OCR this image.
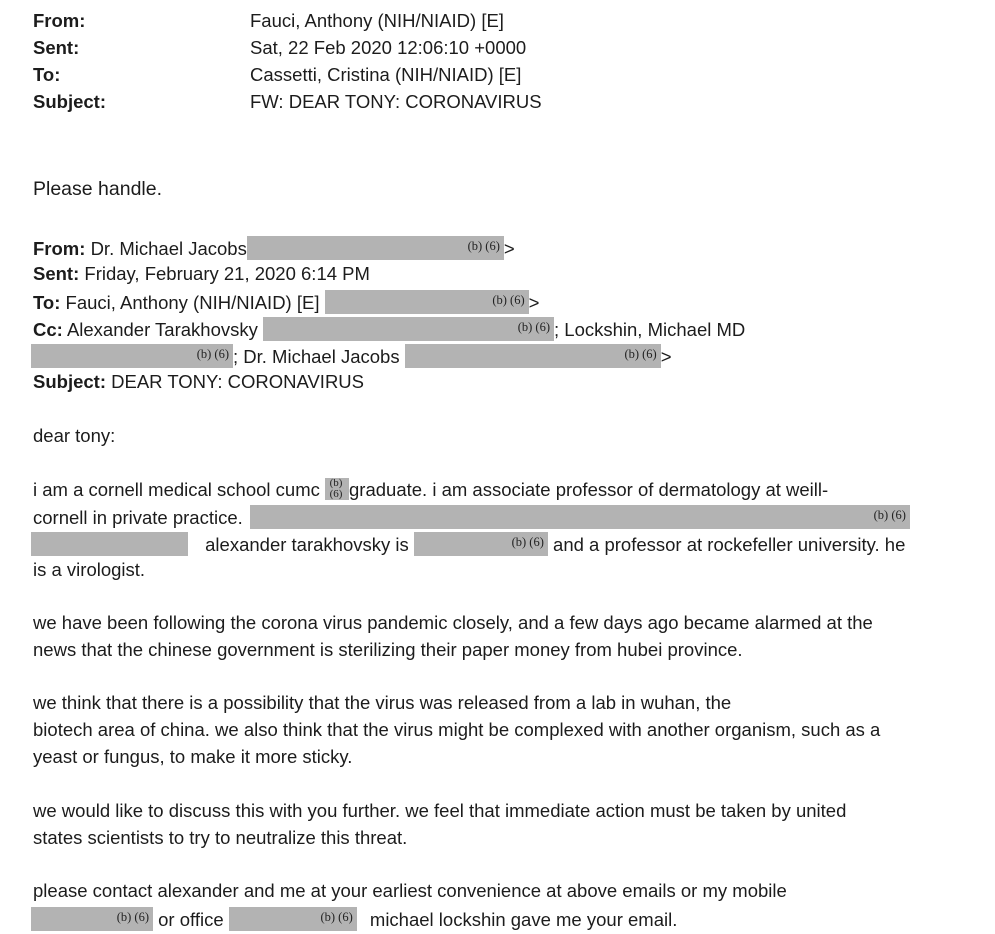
From:	Fauci, Anthony (NIH/NIAID) [E]
Sent:	Sat, 22 Feb 2020 12:06:10 +0000
To:	Cassetti, Cristina (NIH/NIAID) [E]
Subject:	FW: DEAR TONY: CORONAVIRUS
Please handle.
From: Dr. Michael Jacobs	(b) (6) >
Sent: Friday, February 21, 2020 6:14 PM
To: Fauci, Anthony (NIH/NIAID) [E]	(b) (6) >
Cc: Alexander Tarakhovsky	(b) (6) ; Lockshin, Michael MD
(b) (6) ; Dr. Michael Jacobs	(b) (6) >
Subject: DEAR TONY: CORONAVIRUS
dear tony:
i am a cornell medical school cumc (b)
(6) graduate. i am associate professor of dermatology at weill-
cornell in private practice.	(b) (6)
alexander tarakhovsky is	(b) (6) and a professor at rockefeller university. he
is a virologist.
we have been following the corona virus pandemic closely, and a few days ago became alarmed at the
news that the chinese government is sterilizing their paper money from hubei province.
we think that there is a possibility that the virus was released from a lab in wuhan, the
biotech area of china. we also think that the virus might be complexed with another organism, such as a
yeast or fungus, to make it more sticky.
we would like to discuss this with you further. we feel that immediate action must be taken by united
states scientists to try to neutralize this threat.
please contact alexander and me at your earliest convenience at above emails or my mobile
(b) (6) or office	(b) (6) michael lockshin gave me your email.
